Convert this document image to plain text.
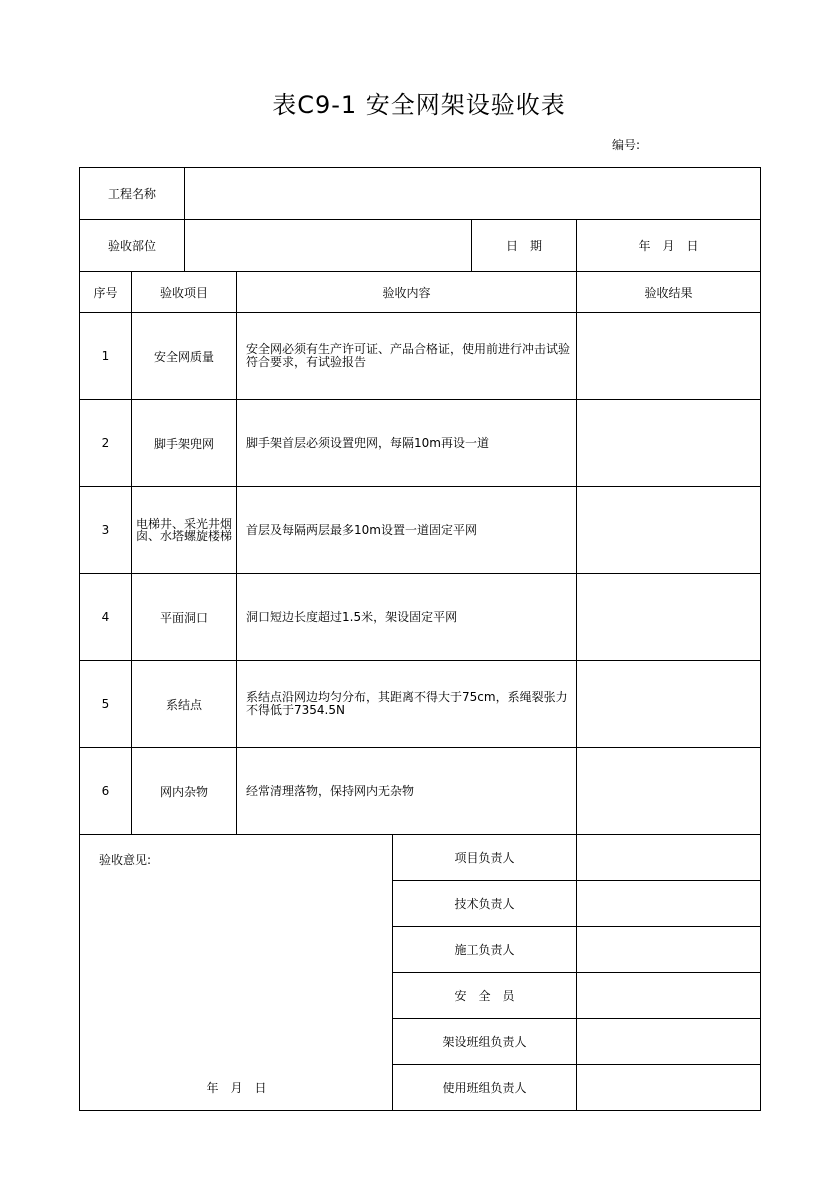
表C9-1 安全网架设验收表
编号:
工程名称						
验收部位					日　期	年　月　日
序号	验收项目		验收内容			验收结果
1	安全网质量		安全网必须有生产许可证、产品合格证，使用前进行冲击试验符合要求，有试验报告			
2	脚手架兜网		脚手架首层必须设置兜网，每隔10m再设一道			
3	电梯井、采光井烟囱、水塔螺旋楼梯		首层及每隔两层最多10m设置一道固定平网			
4	平面洞口		洞口短边长度超过1.5米，架设固定平网			
5	系结点		系结点沿网边均匀分布，其距离不得大于75cm，系绳裂张力不得低于7354.5N			
6	网内杂物		经常清理落物，保持网内无杂物			

验收意见:
年　月　日				项目负责人		
				技术负责人		
				施工负责人		
				安　全　员		
				架设班组负责人		
				使用班组负责人		
